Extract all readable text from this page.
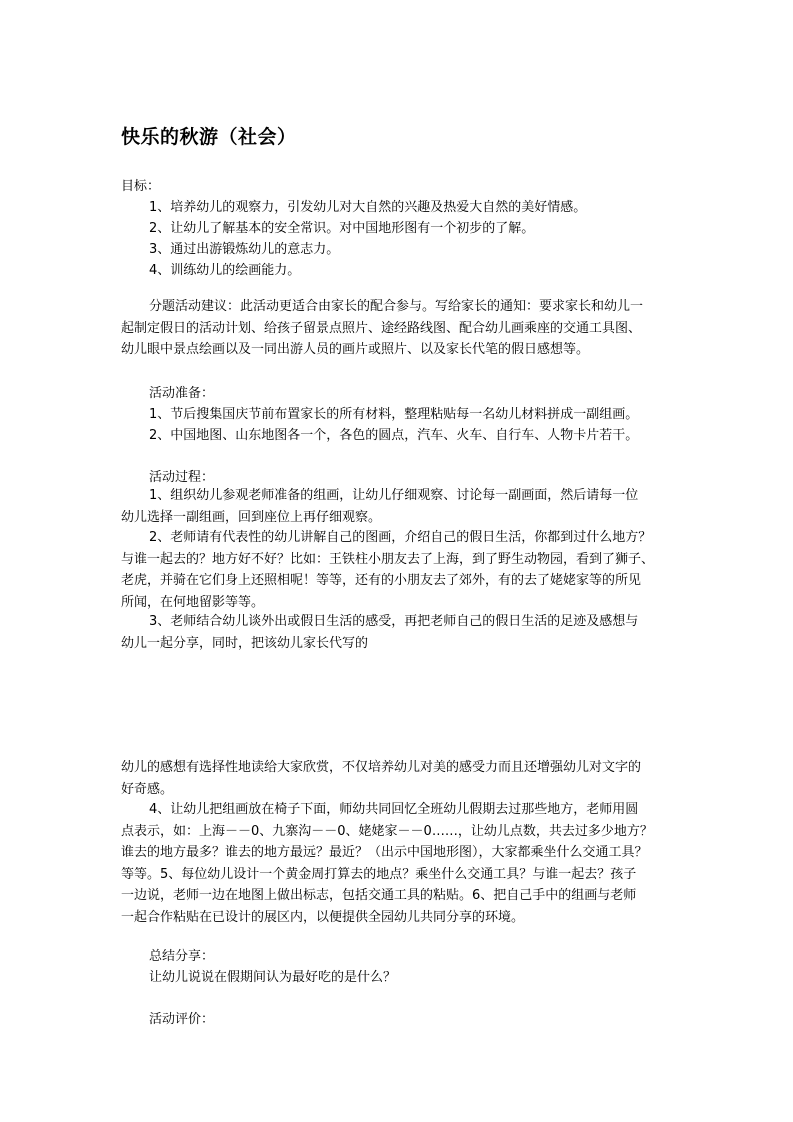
快乐的秋游（社会）
目标：
1、培养幼儿的观察力，引发幼儿对大自然的兴趣及热爱大自然的美好情感。
2、让幼儿了解基本的安全常识。对中国地形图有一个初步的了解。
3、通过出游锻炼幼儿的意志力。
4、训练幼儿的绘画能力。
分题活动建议：此活动更适合由家长的配合参与。写给家长的通知：要求家长和幼儿一
起制定假日的活动计划、给孩子留景点照片、途经路线图、配合幼儿画乘座的交通工具图、
幼儿眼中景点绘画以及一同出游人员的画片或照片、以及家长代笔的假日感想等。
活动准备：
1、节后搜集国庆节前布置家长的所有材料，整理粘贴每一名幼儿材料拼成一副组画。
2、中国地图、山东地图各一个，各色的圆点，汽车、火车、自行车、人物卡片若干。
活动过程：
1、组织幼儿参观老师准备的组画，让幼儿仔细观察、讨论每一副画面，然后请每一位
幼儿选择一副组画，回到座位上再仔细观察。
2、老师请有代表性的幼儿讲解自己的图画，介绍自己的假日生活，你都到过什么地方？
与谁一起去的？地方好不好？比如：王铁柱小朋友去了上海，到了野生动物园，看到了狮子、
老虎，并骑在它们身上还照相呢！等等，还有的小朋友去了郊外，有的去了姥姥家等的所见
所闻，在何地留影等等。
3、老师结合幼儿谈外出或假日生活的感受，再把老师自己的假日生活的足迹及感想与
幼儿一起分享，同时，把该幼儿家长代写的
幼儿的感想有选择性地读给大家欣赏，不仅培养幼儿对美的感受力而且还增强幼儿对文字的
好奇感。
4、让幼儿把组画放在椅子下面，师幼共同回忆全班幼儿假期去过那些地方，老师用圆
点表示，如：上海－－0、九寨沟－－0、姥姥家－－0……，让幼儿点数，共去过多少地方？
谁去的地方最多？谁去的地方最远？最近？（出示中国地形图），大家都乘坐什么交通工具？
等等。5、每位幼儿设计一个黄金周打算去的地点？乘坐什么交通工具？与谁一起去？孩子
一边说，老师一边在地图上做出标志，包括交通工具的粘贴。6、把自己手中的组画与老师
一起合作粘贴在已设计的展区内，以便提供全园幼儿共同分享的环境。
总结分享：
让幼儿说说在假期间认为最好吃的是什么？
活动评价：
